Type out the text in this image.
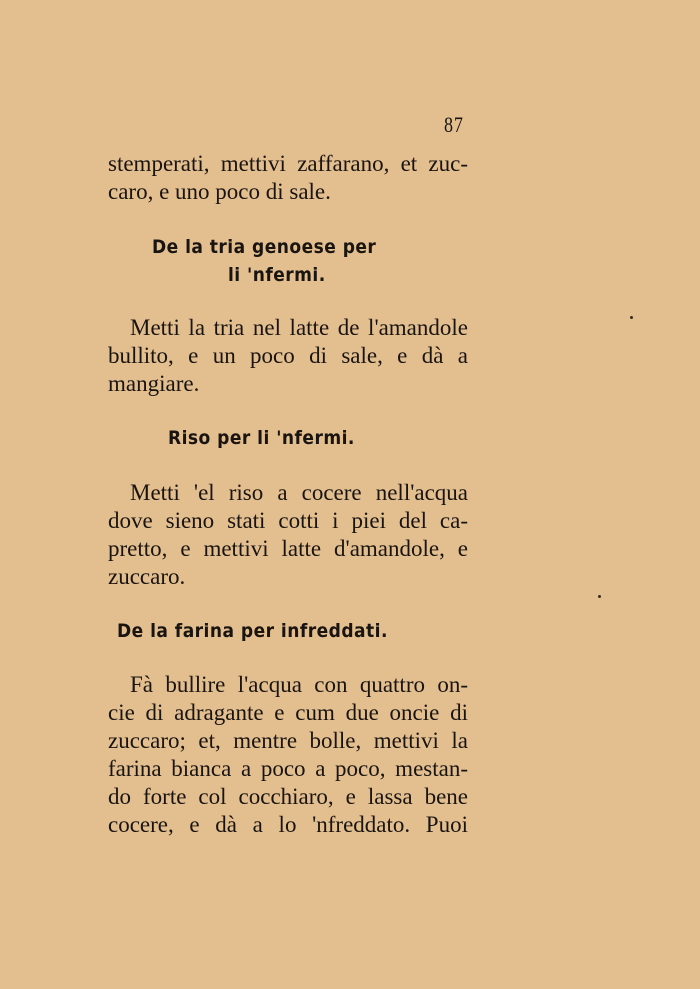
87
stemperati, mettivi zaffarano, et zuc-
caro, e uno poco di sale.
De la tria genoese per
li 'nfermi.
Metti la tria nel latte de l'amandole
bullito, e un poco di sale, e dà a
mangiare.
Riso per li 'nfermi.
Metti 'el riso a cocere nell'acqua
dove sieno stati cotti i piei del ca-
pretto, e mettivi latte d'amandole, e
zuccaro.
De la farina per infreddati.
Fà bullire l'acqua con quattro on-
cie di adragante e cum due oncie di
zuccaro; et, mentre bolle, mettivi la
farina bianca a poco a poco, mestan-
do forte col cocchiaro, e lassa bene
cocere, e dà a lo 'nfreddato. Puoi
